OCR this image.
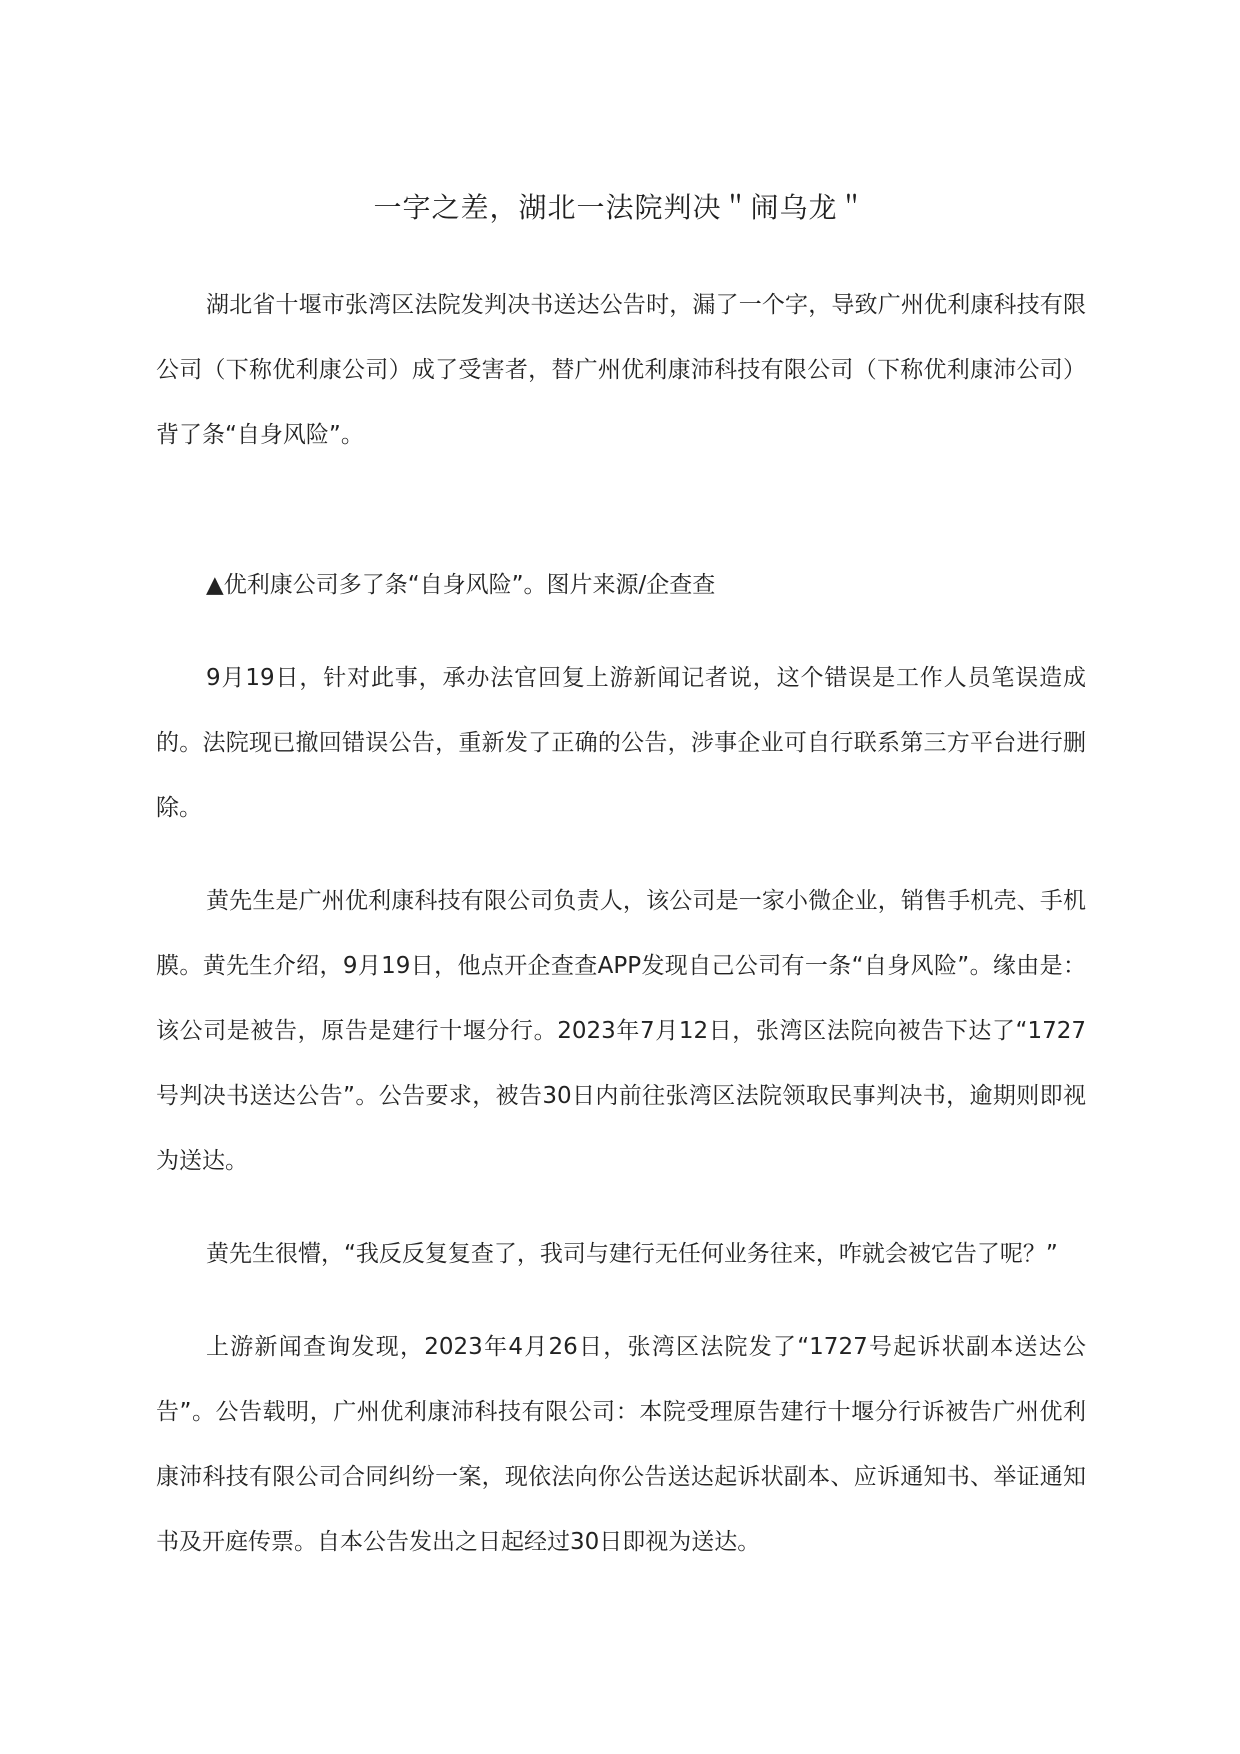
一字之差，湖北一法院判决＂闹乌龙＂

湖北省十堰市张湾区法院发判决书送达公告时，漏了一个字，导致广州优利康科技有限公司（下称优利康公司）成了受害者，替广州优利康沛科技有限公司（下称优利康沛公司）背了条“自身风险”。

▲优利康公司多了条“自身风险”。图片来源/企查查

9月19日，针对此事，承办法官回复上游新闻记者说，这个错误是工作人员笔误造成的。法院现已撤回错误公告，重新发了正确的公告，涉事企业可自行联系第三方平台进行删除。

黄先生是广州优利康科技有限公司负责人，该公司是一家小微企业，销售手机壳、手机膜。黄先生介绍，9月19日，他点开企查查APP发现自己公司有一条“自身风险”。缘由是：该公司是被告，原告是建行十堰分行。2023年7月12日，张湾区法院向被告下达了“1727号判决书送达公告”。公告要求，被告30日内前往张湾区法院领取民事判决书，逾期则即视为送达。

黄先生很懵，“我反反复复查了，我司与建行无任何业务往来，咋就会被它告了呢？”

上游新闻查询发现，2023年4月26日，张湾区法院发了“1727号起诉状副本送达公告”。公告载明，广州优利康沛科技有限公司：本院受理原告建行十堰分行诉被告广州优利康沛科技有限公司合同纠纷一案，现依法向你公告送达起诉状副本、应诉通知书、举证通知书及开庭传票。自本公告发出之日起经过30日即视为送达。
